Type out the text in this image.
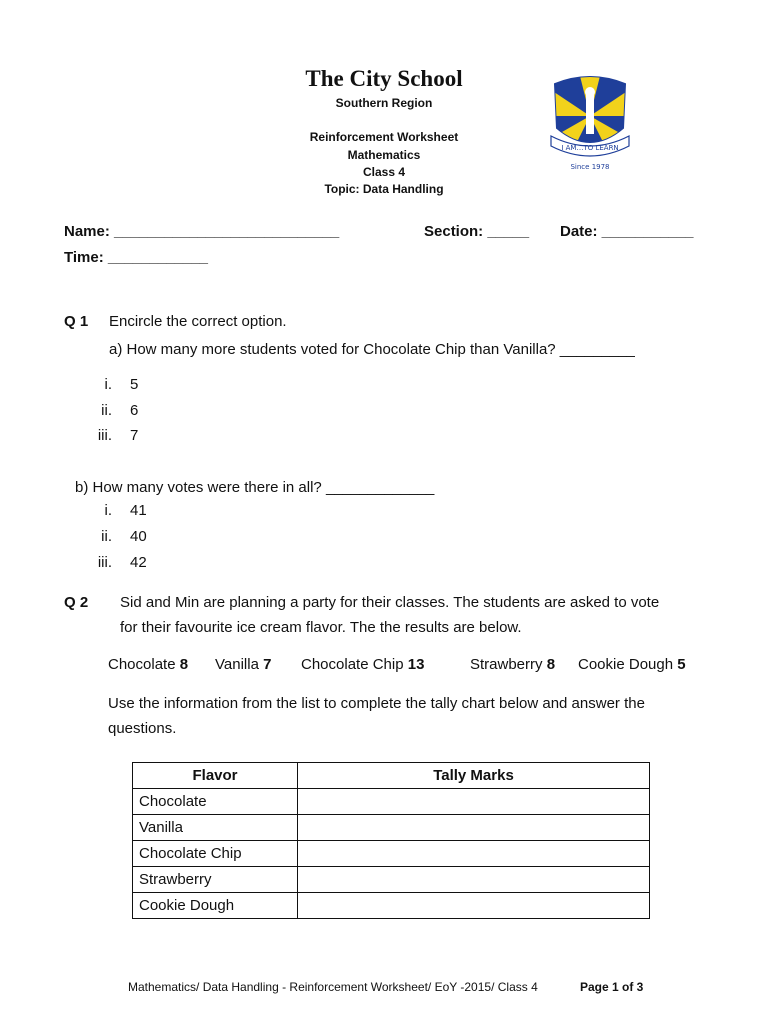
The City School
Southern Region
Reinforcement Worksheet
Mathematics
Class 4
Topic: Data Handling
I AM…TO LEARN
Since 1978
Name: ___________________________	Section: _____ Date: ___________
Time: ____________
Q 1 Encircle the correct option.
a) How many more students voted for Chocolate Chip than Vanilla? _________
i. 5
ii. 6
iii. 7
b) How many votes were there in all? _____________
i. 41
ii. 40
iii. 42
Q 2 Sid and Min are planning a party for their classes. The students are asked to vote
for their favourite ice cream flavor. The the results are below.
Chocolate 8 Vanilla 7 Chocolate Chip 13	Strawberry 8 Cookie Dough 5
Use the information from the list to complete the tally chart below and answer the
questions.
Flavor	Tally Marks
Chocolate	
Vanilla	
Chocolate Chip	
Strawberry	
Cookie Dough	
Mathematics/ Data Handling - Reinforcement Worksheet/ EoY -2015/ Class 4	Page 1 of 3
